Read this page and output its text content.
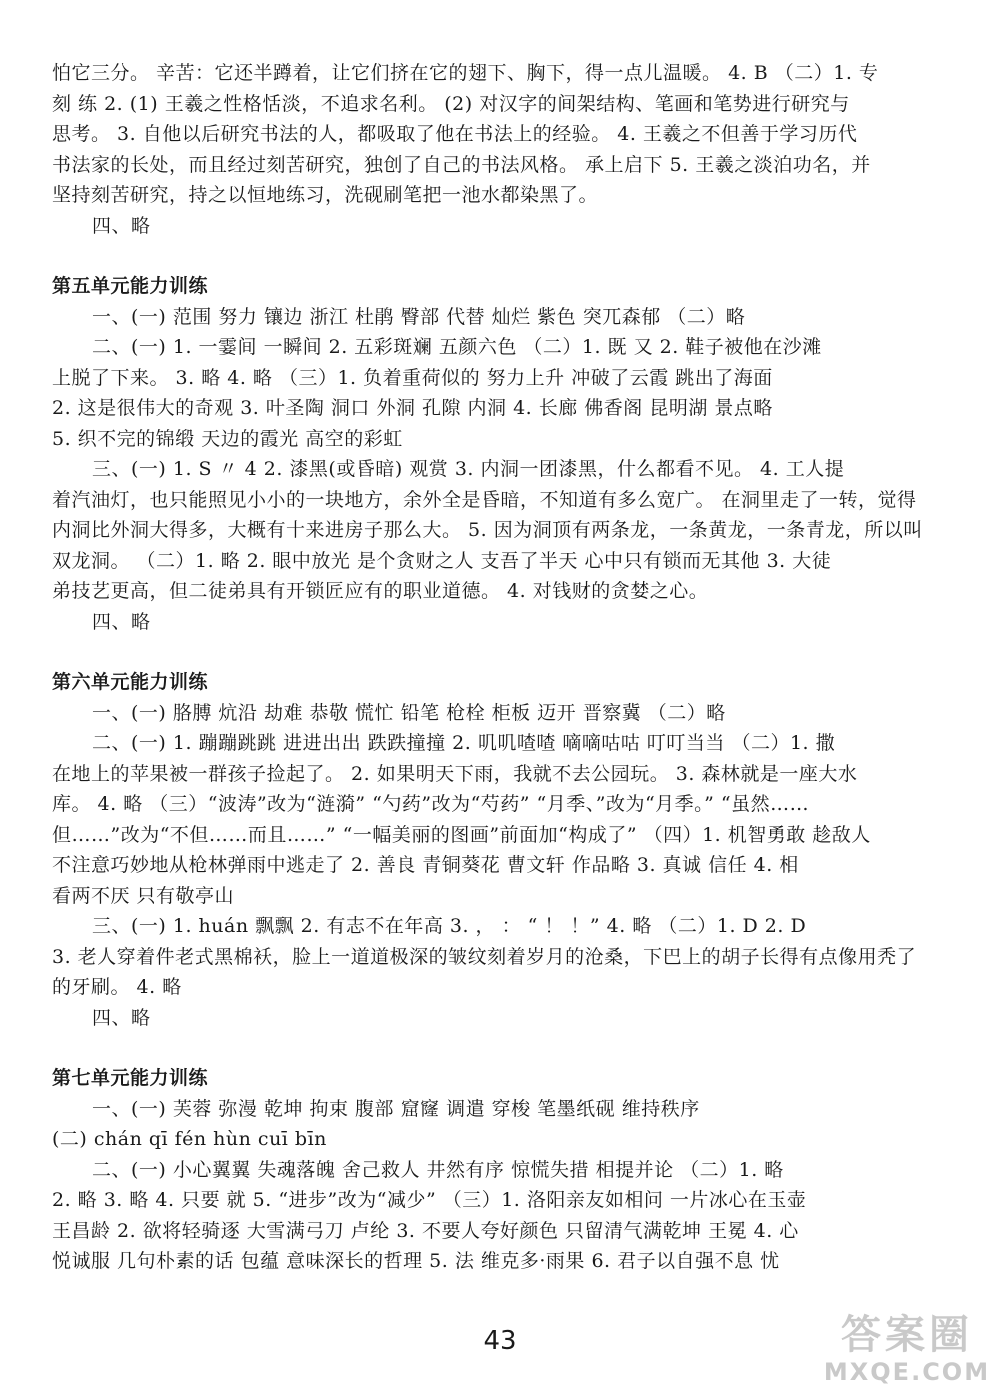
怕它三分。 辛苦：它还半蹲着，让它们挤在它的翅下、胸下，得一点儿温暖。 4. B （二）1. 专
刻 练 2. (1) 王羲之性格恬淡，不追求名利。 (2) 对汉字的间架结构、笔画和笔势进行研究与
思考。 3. 自他以后研究书法的人，都吸取了他在书法上的经验。 4. 王羲之不但善于学习历代
书法家的长处，而且经过刻苦研究，独创了自己的书法风格。 承上启下 5. 王羲之淡泊功名，并
坚持刻苦研究，持之以恒地练习，洗砚刷笔把一池水都染黑了。
四、略
第五单元能力训练
一、(一) 范围 努力 镶边 浙江 杜鹃 臀部 代替 灿烂 紫色 突兀森郁 （二）略
二、(一) 1. 一霎间 一瞬间 2. 五彩斑斓 五颜六色 （二）1. 既 又 2. 鞋子被他在沙滩
上脱了下来。 3. 略 4. 略 （三）1. 负着重荷似的 努力上升 冲破了云霞 跳出了海面
2. 这是很伟大的奇观 3. 叶圣陶 洞口 外洞 孔隙 内洞 4. 长廊 佛香阁 昆明湖 景点略
5. 织不完的锦缎 天边的霞光 高空的彩虹
三、(一) 1. S 〃 4 2. 漆黑(或昏暗) 观赏 3. 内洞一团漆黑，什么都看不见。 4. 工人提
着汽油灯，也只能照见小小的一块地方，余外全是昏暗，不知道有多么宽广。 在洞里走了一转，觉得
内洞比外洞大得多，大概有十来进房子那么大。 5. 因为洞顶有两条龙，一条黄龙，一条青龙，所以叫
双龙洞。 （二）1. 略 2. 眼中放光 是个贪财之人 支吾了半天 心中只有锁而无其他 3. 大徒
弟技艺更高，但二徒弟具有开锁匠应有的职业道德。 4. 对钱财的贪婪之心。
四、略
第六单元能力训练
一、(一) 胳膊 炕沿 劫难 恭敬 慌忙 铅笔 枪栓 柜板 迈开 晋察冀 （二）略
二、(一) 1. 蹦蹦跳跳 进进出出 跌跌撞撞 2. 叽叽喳喳 嘀嘀咕咕 叮叮当当 （二）1. 撒
在地上的苹果被一群孩子捡起了。 2. 如果明天下雨，我就不去公园玩。 3. 森林就是一座大水
库。 4. 略 （三）“波涛”改为“涟漪” “勺药”改为“芍药” “月季、”改为“月季。” “虽然……
但……”改为“不但……而且……” “一幅美丽的图画”前面加“构成了” （四）1. 机智勇敢 趁敌人
不注意巧妙地从枪林弹雨中逃走了 2. 善良 青铜葵花 曹文轩 作品略 3. 真诚 信任 4. 相
看两不厌 只有敬亭山
三、(一) 1. huán 飘飘 2. 有志不在年高 3. ， ： “ ！ ！” 4. 略 （二）1. D 2. D
3. 老人穿着件老式黑棉袄，脸上一道道极深的皱纹刻着岁月的沧桑，下巴上的胡子长得有点像用秃了
的牙刷。 4. 略
四、略
第七单元能力训练
一、(一) 芙蓉 弥漫 乾坤 拘束 腹部 窟窿 调遣 穿梭 笔墨纸砚 维持秩序
(二) chán qī fén hùn cuī bīn
二、(一) 小心翼翼 失魂落魄 舍己救人 井然有序 惊慌失措 相提并论 （二）1. 略
2. 略 3. 略 4. 只要 就 5. “进步”改为“减少” （三）1. 洛阳亲友如相问 一片冰心在玉壶
王昌龄 2. 欲将轻骑逐 大雪满弓刀 卢纶 3. 不要人夸好颜色 只留清气满乾坤 王冕 4. 心
悦诚服 几句朴素的话 包蕴 意味深长的哲理 5. 法 维克多·雨果 6. 君子以自强不息 忧
43	答案圈
MXQE.COM
